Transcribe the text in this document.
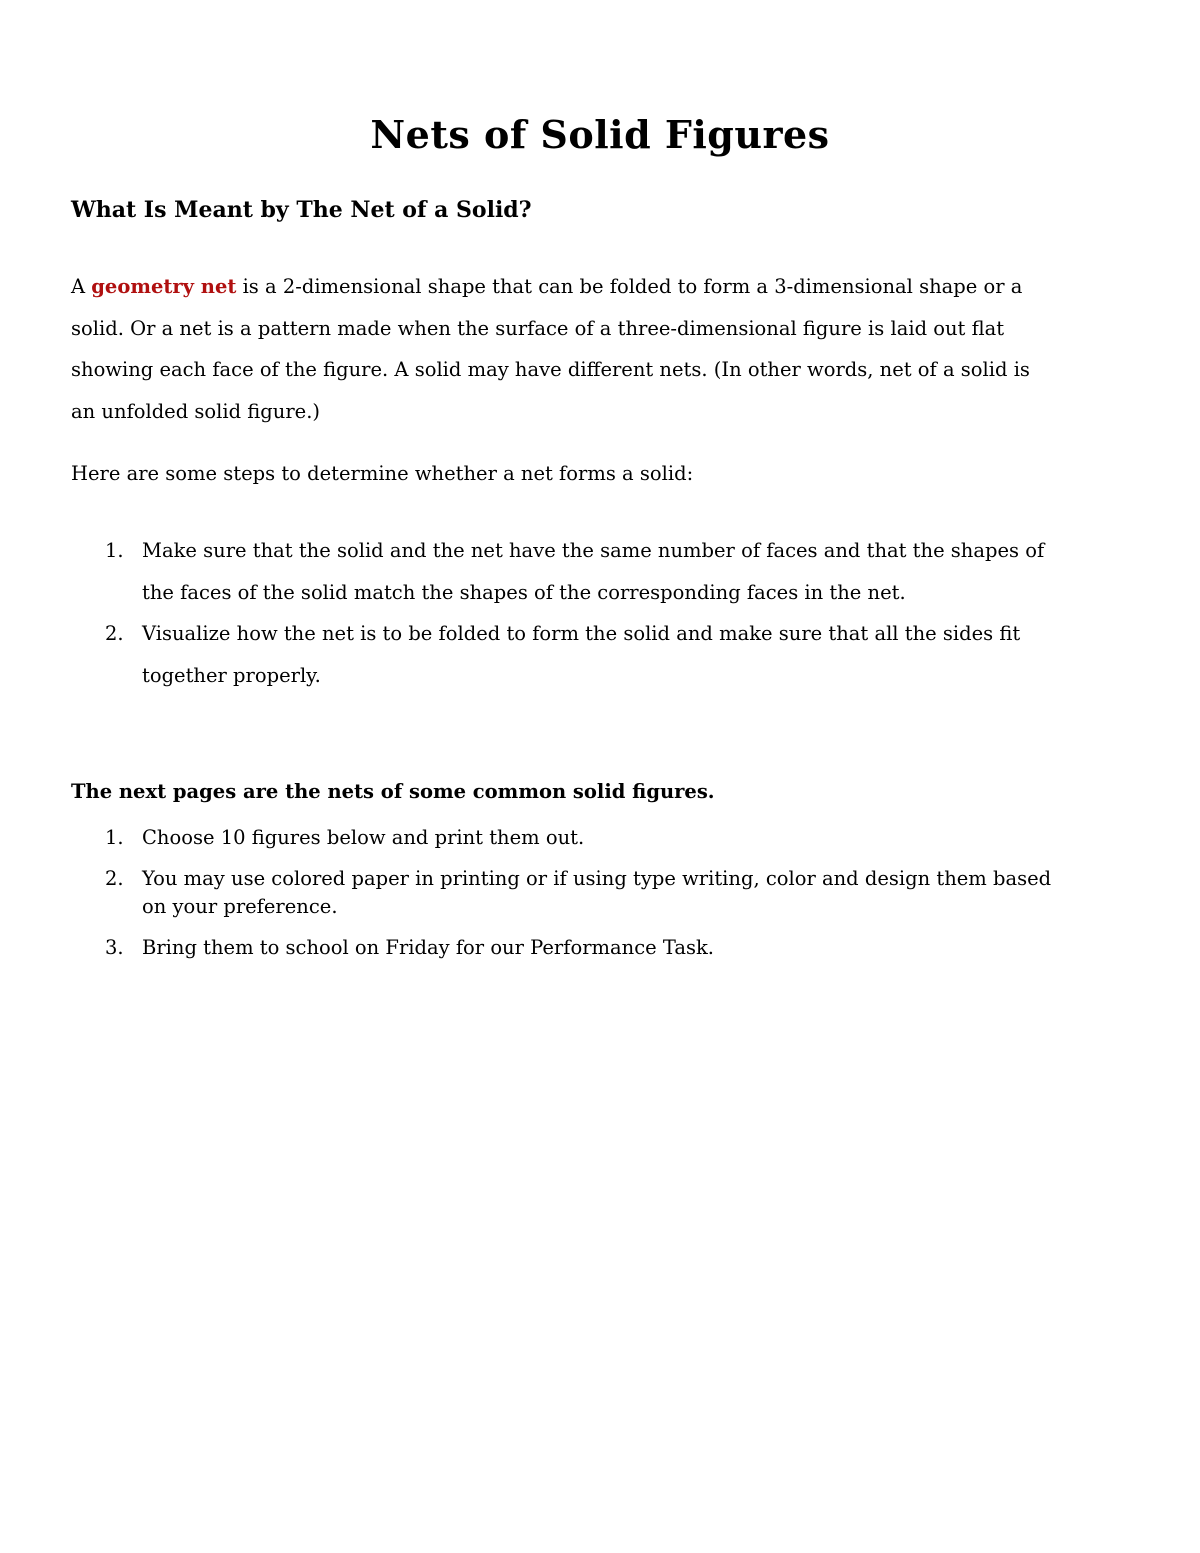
Nets of Solid Figures
What Is Meant by The Net of a Solid?

A geometry net is a 2-dimensional shape that can be folded to form a 3-dimensional shape or a
solid. Or a net is a pattern made when the surface of a three-dimensional figure is laid out flat
showing each face of the figure. A solid may have different nets. (In other words, net of a solid is
an unfolded solid figure.)

Here are some steps to determine whether a net forms a solid:

1. Make sure that the solid and the net have the same number of faces and that the shapes of
the faces of the solid match the shapes of the corresponding faces in the net.
2. Visualize how the net is to be folded to form the solid and make sure that all the sides fit
together properly.

The next pages are the nets of some common solid figures.

1. Choose 10 figures below and print them out.
2. You may use colored paper in printing or if using type writing, color and design them based
on your preference.
3. Bring them to school on Friday for our Performance Task.
